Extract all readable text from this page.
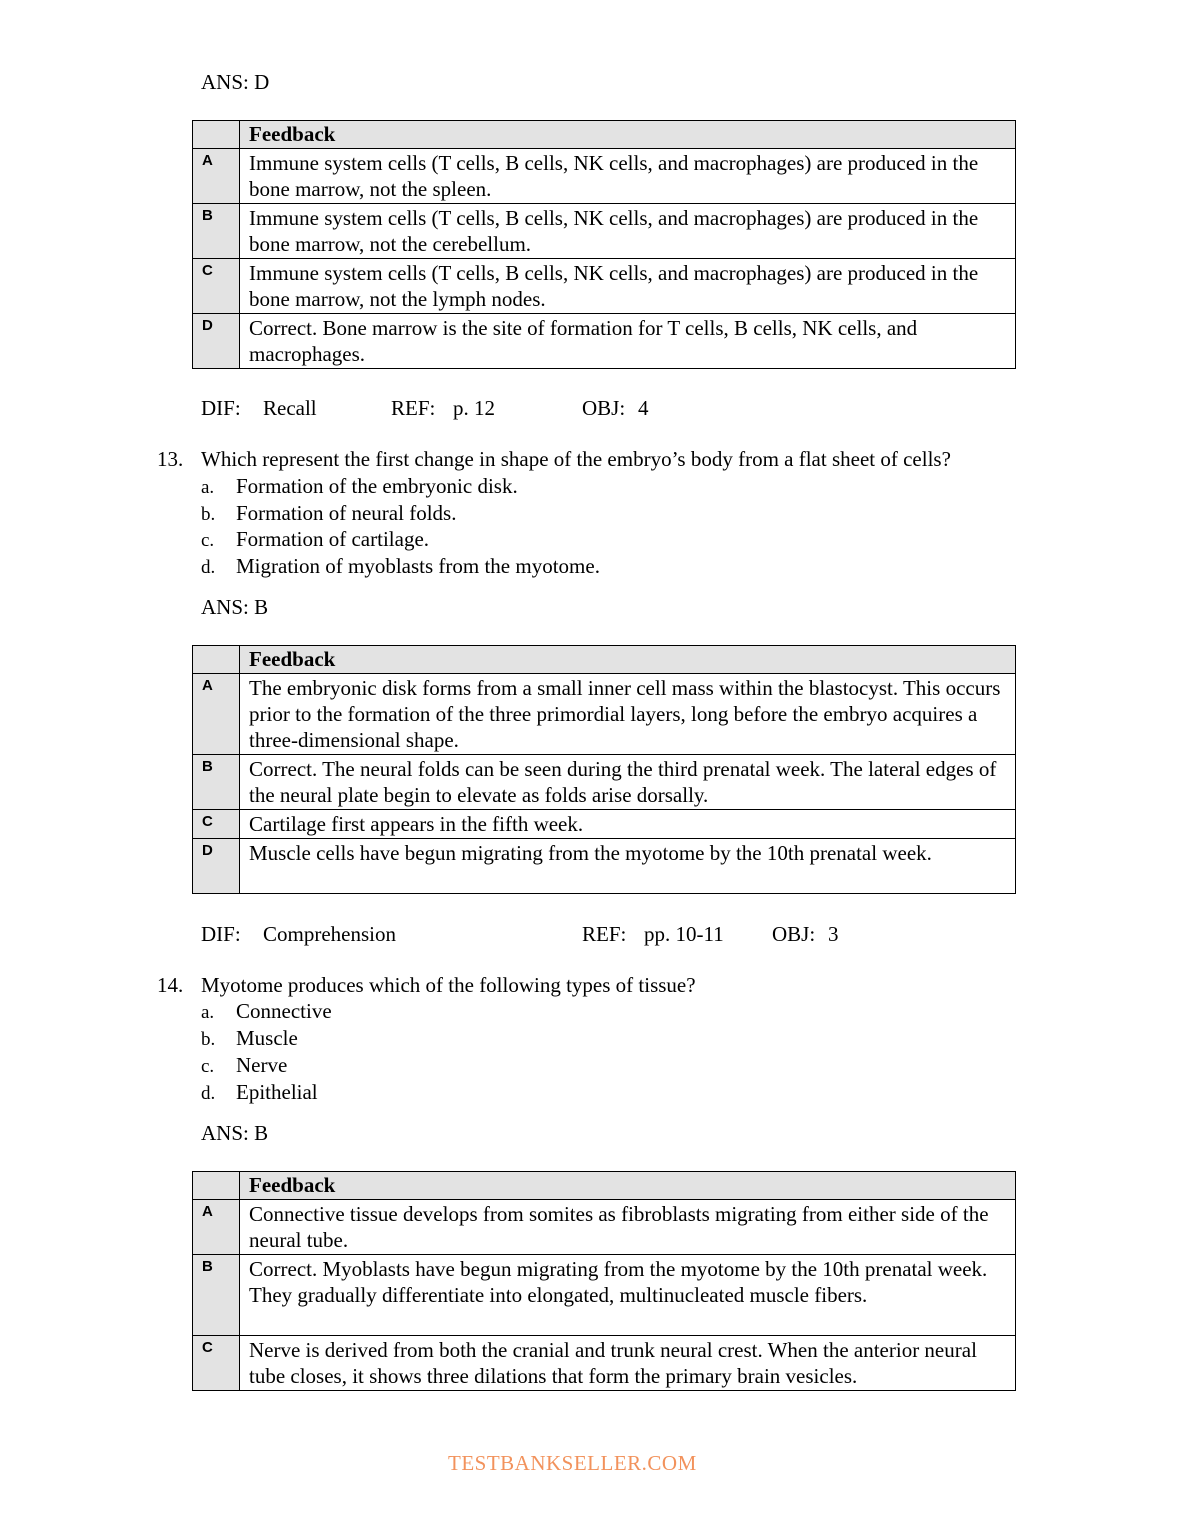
ANS: D
	Feedback
A	Immune system cells (T cells, B cells, NK cells, and macrophages) are produced in the bone marrow, not the spleen.
B	Immune system cells (T cells, B cells, NK cells, and macrophages) are produced in the bone marrow, not the cerebellum.
C	Immune system cells (T cells, B cells, NK cells, and macrophages) are produced in the bone marrow, not the lymph nodes.
D	Correct. Bone marrow is the site of formation for T cells, B cells, NK cells, and macrophages.
DIF: Recall	REF: p. 12	OBJ: 4
13. Which represent the first change in shape of the embryo’s body from a flat sheet of cells?
a. Formation of the embryonic disk.
b. Formation of neural folds.
c. Formation of cartilage.
d. Migration of myoblasts from the myotome.
ANS: B
	Feedback
A	The embryonic disk forms from a small inner cell mass within the blastocyst. This occurs prior to the formation of the three primordial layers, long before the embryo acquires a three-dimensional shape.
B	Correct. The neural folds can be seen during the third prenatal week. The lateral edges of the neural plate begin to elevate as folds arise dorsally.
C	Cartilage first appears in the fifth week.
D	Muscle cells have begun migrating from the myotome by the 10th prenatal week.
DIF: Comprehension	REF: pp. 10-11 OBJ: 3
14. Myotome produces which of the following types of tissue?
a. Connective
b. Muscle
c. Nerve
d. Epithelial
ANS: B
	Feedback
A	Connective tissue develops from somites as fibroblasts migrating from either side of the neural tube.
B	Correct. Myoblasts have begun migrating from the myotome by the 10th prenatal week. They gradually differentiate into elongated, multinucleated muscle fibers.
C	Nerve is derived from both the cranial and trunk neural crest. When the anterior neural tube closes, it shows three dilations that form the primary brain vesicles.
TESTBANKSELLER.COM
